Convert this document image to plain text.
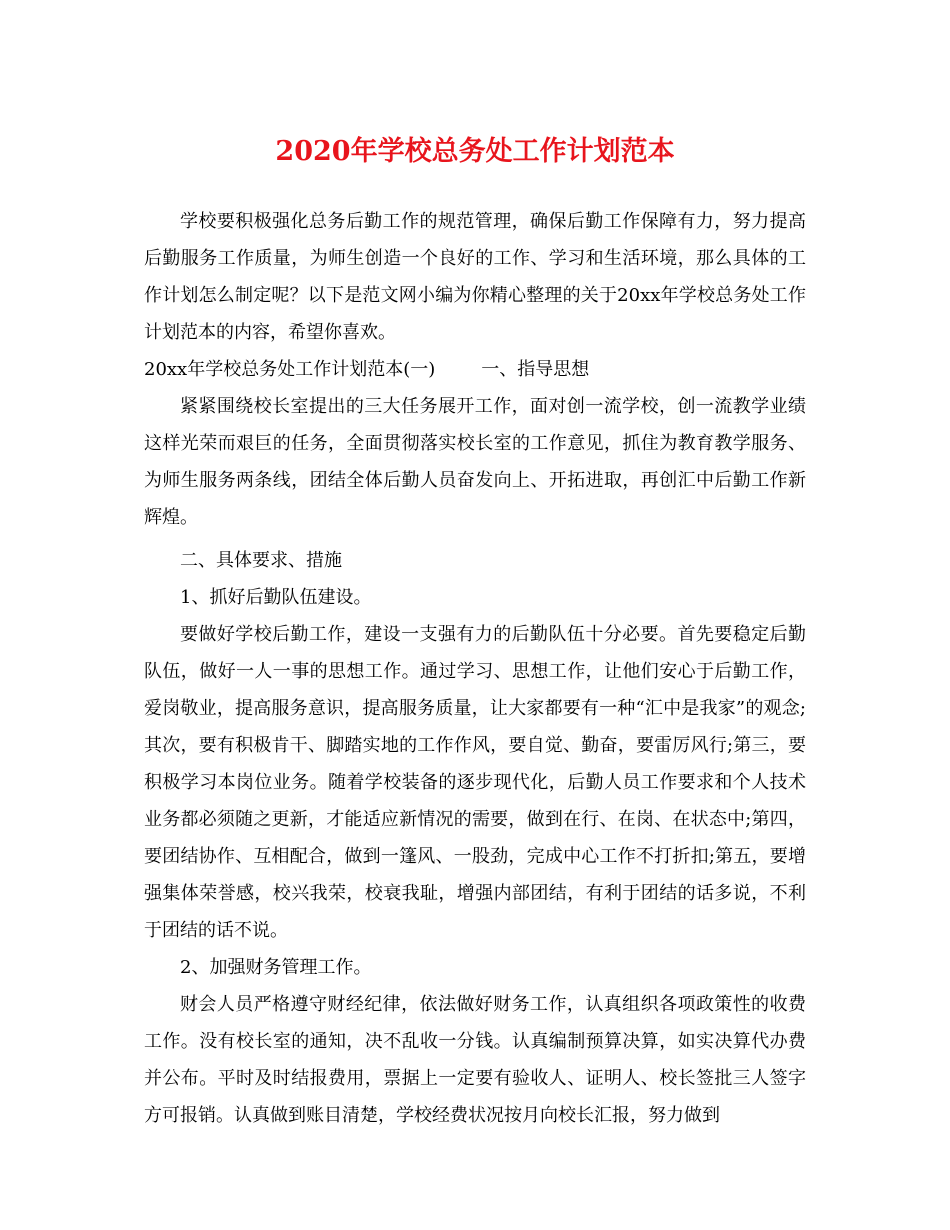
2020年学校总务处工作计划范本

学校要积极强化总务后勤工作的规范管理，确保后勤工作保障有力，努力提高后勤服务工作质量，为师生创造一个良好的工作、学习和生活环境，那么具体的工作计划怎么制定呢？以下是范文网小编为你精心整理的关于20xx年学校总务处工作计划范本的内容，希望你喜欢。

20xx年学校总务处工作计划范本(一)	一、指导思想

紧紧围绕校长室提出的三大任务展开工作，面对创一流学校，创一流教学业绩这样光荣而艰巨的任务，全面贯彻落实校长室的工作意见，抓住为教育教学服务、为师生服务两条线，团结全体后勤人员奋发向上、开拓进取，再创汇中后勤工作新辉煌。

二、具体要求、措施

1、抓好后勤队伍建设。

要做好学校后勤工作，建设一支强有力的后勤队伍十分必要。首先要稳定后勤队伍，做好一人一事的思想工作。通过学习、思想工作，让他们安心于后勤工作，爱岗敬业，提高服务意识，提高服务质量，让大家都要有一种“汇中是我家”的观念;其次，要有积极肯干、脚踏实地的工作作风，要自觉、勤奋，要雷厉风行;第三，要积极学习本岗位业务。随着学校装备的逐步现代化，后勤人员工作要求和个人技术业务都必须随之更新，才能适应新情况的需要，做到在行、在岗、在状态中;第四，要团结协作、互相配合，做到一篷风、一股劲，完成中心工作不打折扣;第五，要增强集体荣誉感，校兴我荣，校衰我耻，增强内部团结，有利于团结的话多说，不利于团结的话不说。

2、加强财务管理工作。

财会人员严格遵守财经纪律，依法做好财务工作，认真组织各项政策性的收费工作。没有校长室的通知，决不乱收一分钱。认真编制预算决算，如实决算代办费并公布。平时及时结报费用，票据上一定要有验收人、证明人、校长签批三人签字方可报销。认真做到账目清楚，学校经费状况按月向校长汇报，努力做到
